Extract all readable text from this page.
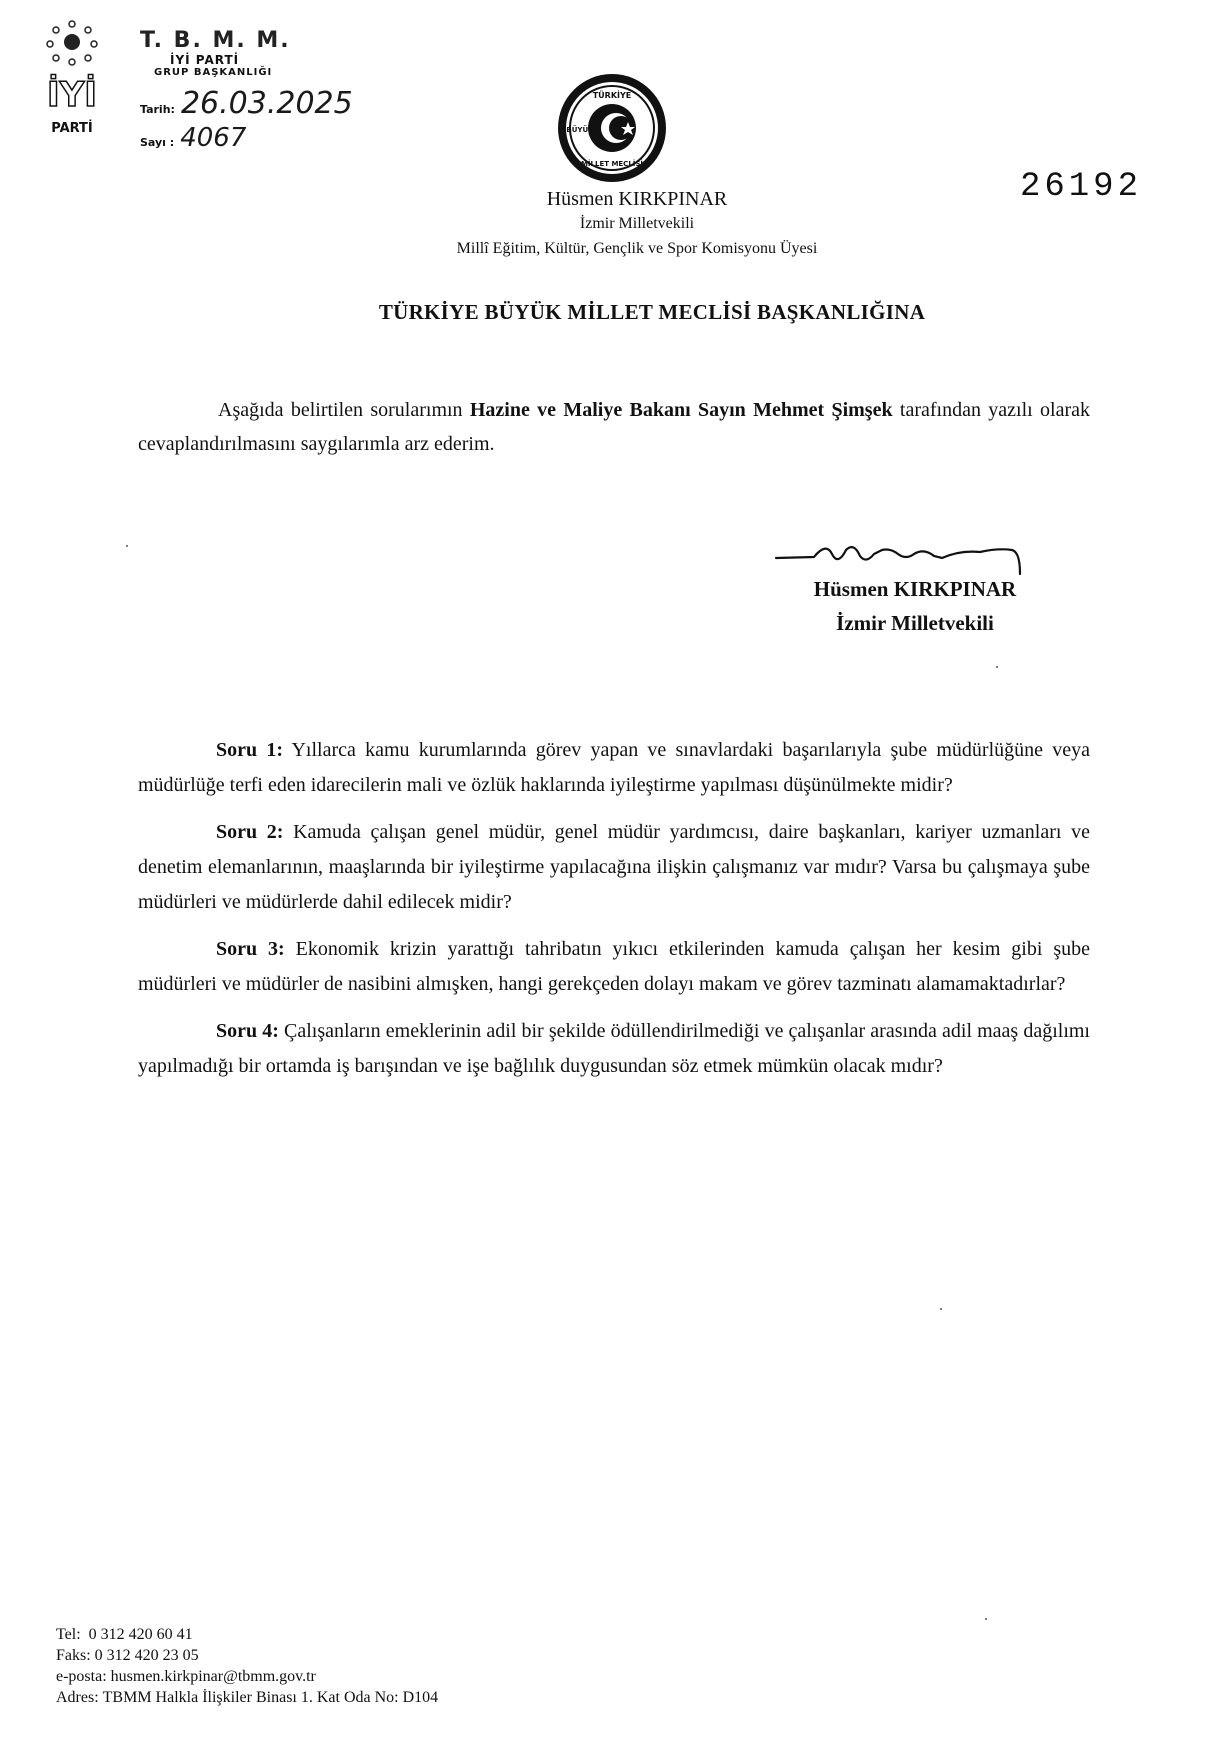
İYİ
PARTİ
T. B. M. M.
İYİ PARTİ
GRUP BAŞKANLIĞI
Tarih: 26.03.2025
Sayı : 4067
TÜRKİYE
BÜYÜK
MİLLET MECLİSİ
26192
Hüsmen KIRKPINAR
İzmir Milletvekili
Millî Eğitim, Kültür, Gençlik ve Spor Komisyonu Üyesi
TÜRKİYE BÜYÜK MİLLET MECLİSİ BAŞKANLIĞINA
Aşağıda belirtilen sorularımın Hazine ve Maliye Bakanı Sayın Mehmet Şimşek tarafından yazılı olarak cevaplandırılmasını saygılarımla arz ederim.
Hüsmen KIRKPINAR
İzmir Milletvekili

Soru 1: Yıllarca kamu kurumlarında görev yapan ve sınavlardaki başarılarıyla şube müdürlüğüne veya müdürlüğe terfi eden idarecilerin mali ve özlük haklarında iyileştirme yapılması düşünülmekte midir?

Soru 2: Kamuda çalışan genel müdür, genel müdür yardımcısı, daire başkanları, kariyer uzmanları ve denetim elemanlarının, maaşlarında bir iyileştirme yapılacağına ilişkin çalışmanız var mıdır? Varsa bu çalışmaya şube müdürleri ve müdürlerde dahil edilecek midir?

Soru 3: Ekonomik krizin yarattığı tahribatın yıkıcı etkilerinden kamuda çalışan her kesim gibi şube müdürleri ve müdürler de nasibini almışken, hangi gerekçeden dolayı makam ve görev tazminatı alamamaktadırlar?

Soru 4: Çalışanların emeklerinin adil bir şekilde ödüllendirilmediği ve çalışanlar arasında adil maaş dağılımı yapılmadığı bir ortamda iş barışından ve işe bağlılık duygusundan söz etmek mümkün olacak mıdır?

Tel: 0 312 420 60 41
Faks: 0 312 420 23 05
e-posta: husmen.kirkpinar@tbmm.gov.tr
Adres: TBMM Halkla İlişkiler Binası 1. Kat Oda No: D104
